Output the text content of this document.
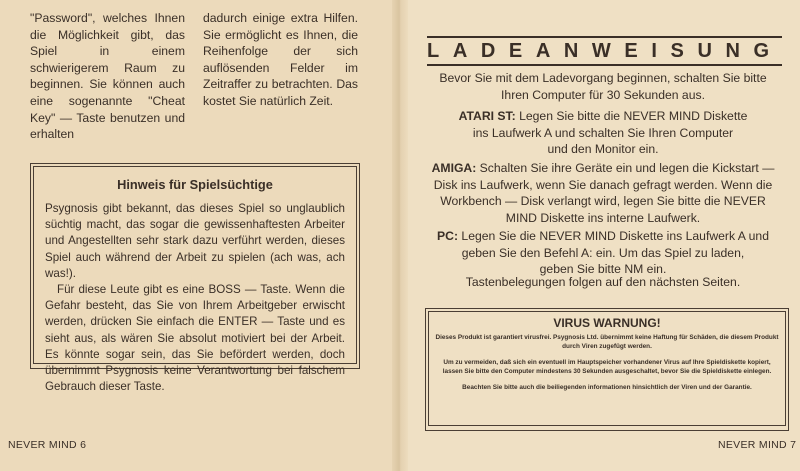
"Password", welches Ihnen die Möglichkeit gibt, das Spiel in einem schwierigerem Raum zu beginnen. Sie können auch eine sogenannte "Cheat Key" — Taste benutzen und erhalten
dadurch einige extra Hilfen. Sie ermöglicht es Ihnen, die Reihenfolge der sich auflösenden Felder im Zeitraffer zu betrachten. Das kostet Sie natürlich Zeit.
Hinweis für Spielsüchtige

Psygnosis gibt bekannt, das dieses Spiel so unglaublich süchtig macht, das sogar die gewissenhaftesten Arbeiter und Angestellten sehr stark dazu verführt werden, dieses Spiel auch während der Arbeit zu spielen (ach was, ach was!).

Für diese Leute gibt es eine BOSS — Taste. Wenn die Gefahr besteht, das Sie von Ihrem Arbeitgeber erwischt werden, drücken Sie einfach die ENTER — Taste und es sieht aus, als wären Sie absolut motiviert bei der Arbeit. Es könnte sogar sein, das Sie befördert werden, doch übernimmt Psygnosis keine Verantwortung bei falschem Gebrauch dieser Taste.

NEVER MIND 6
LADEANWEISUNG
Bevor Sie mit dem Ladevorgang beginnen, schalten Sie bitte
Ihren Computer für 30 Sekunden aus.
ATARI ST: Legen Sie bitte die NEVER MIND Diskette
ins Laufwerk A und schalten Sie Ihren Computer
und den Monitor ein.
AMIGA: Schalten Sie ihre Geräte ein und legen die Kickstart —
Disk ins Laufwerk, wenn Sie danach gefragt werden. Wenn die
Workbench — Disk verlangt wird, legen Sie bitte die NEVER
MIND Diskette ins interne Laufwerk.
PC: Legen Sie die NEVER MIND Diskette ins Laufwerk A und
geben Sie den Befehl A: ein. Um das Spiel zu laden,
geben Sie bitte NM ein.
Tastenbelegungen folgen auf den nächsten Seiten.
VIRUS WARNUNG!

Dieses Produkt ist garantiert virusfrei. Psygnosis Ltd. übernimmt keine Haftung für Schäden, die diesem Produkt durch Viren zugefügt werden.

Um zu vermeiden, daß sich ein eventuell im Hauptspeicher vorhandener Virus auf Ihre Spieldiskette kopiert, lassen Sie bitte den Computer mindestens 30 Sekunden ausgeschaltet, bevor Sie die Spieldiskette einlegen.

Beachten Sie bitte auch die beiliegenden informationen hinsichtlich der Viren und der Garantie.

NEVER MIND 7
